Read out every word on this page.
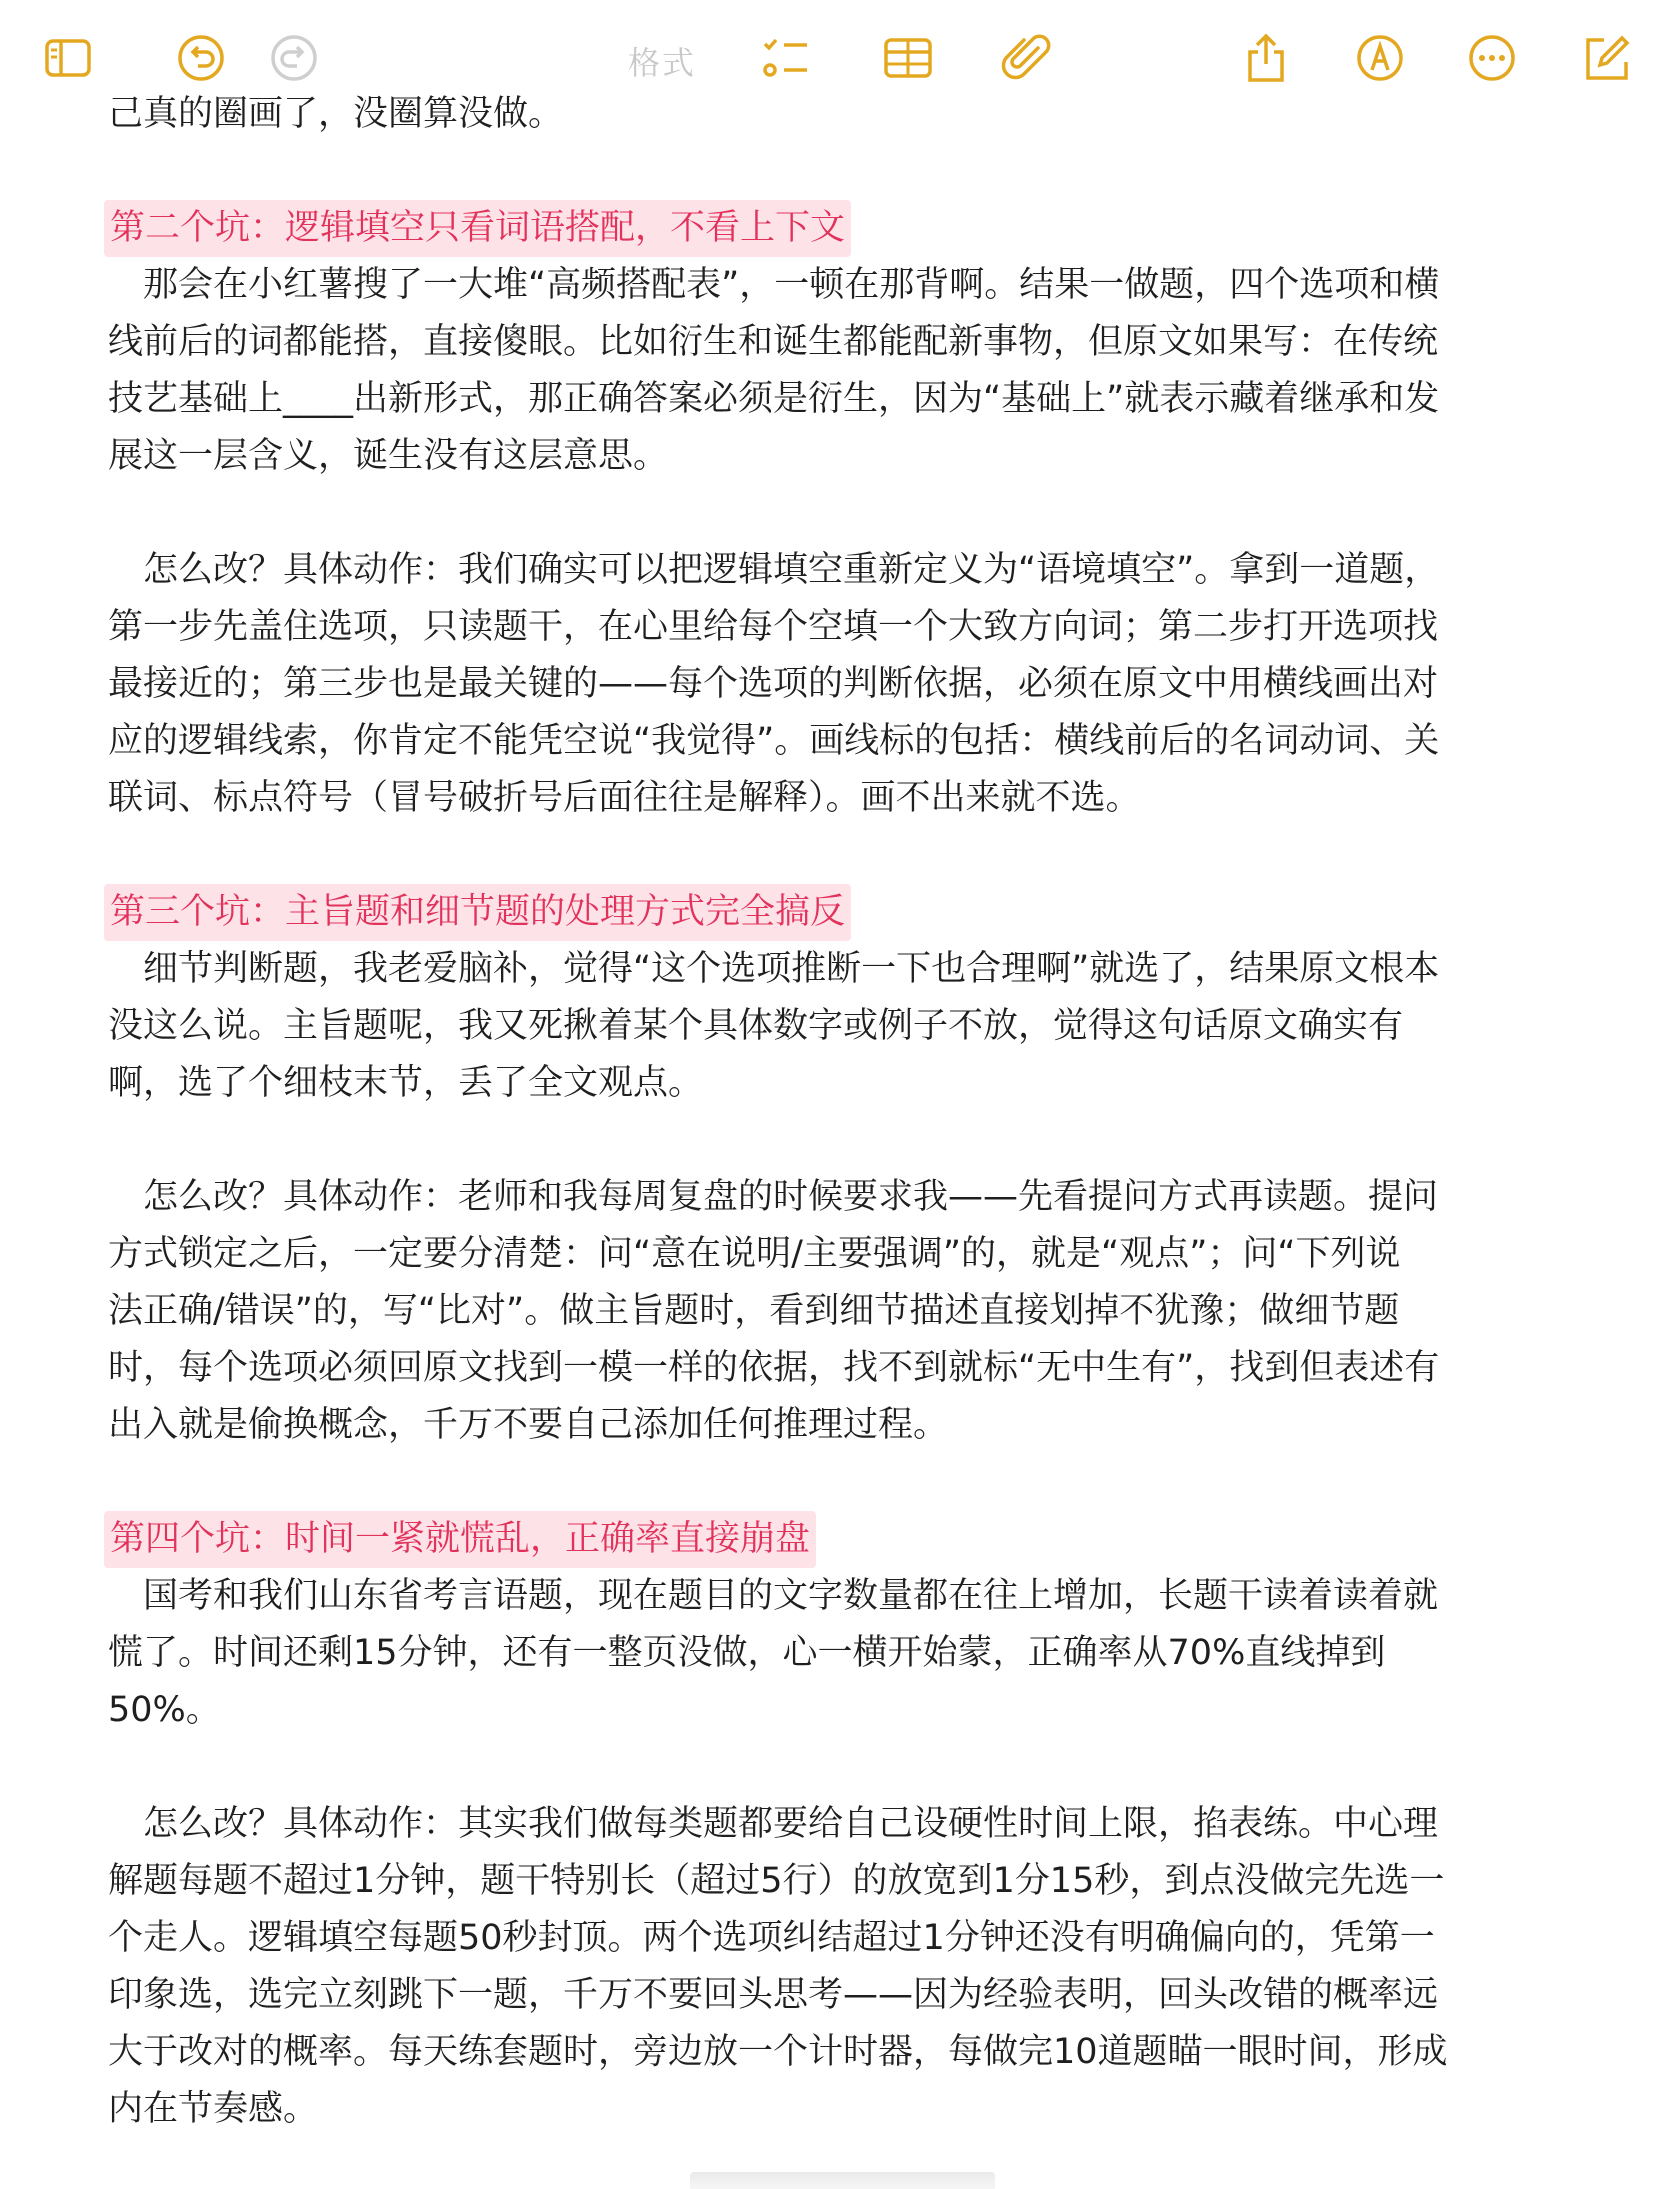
格式
己真的圈画了，没圈算没做。
第二个坑：逻辑填空只看词语搭配，不看上下文
　那会在小红薯搜了一大堆“高频搭配表”，一顿在那背啊。结果一做题，四个选项和横
线前后的词都能搭，直接傻眼。比如衍生和诞生都能配新事物，但原文如果写：在传统
技艺基础上____出新形式，那正确答案必须是衍生，因为“基础上”就表示藏着继承和发
展这一层含义，诞生没有这层意思。
　怎么改？具体动作：我们确实可以把逻辑填空重新定义为“语境填空”。拿到一道题，
第一步先盖住选项，只读题干，在心里给每个空填一个大致方向词；第二步打开选项找
最接近的；第三步也是最关键的——每个选项的判断依据，必须在原文中用横线画出对
应的逻辑线索，你肯定不能凭空说“我觉得”。画线标的包括：横线前后的名词动词、关
联词、标点符号（冒号破折号后面往往是解释）。画不出来就不选。
第三个坑：主旨题和细节题的处理方式完全搞反
　细节判断题，我老爱脑补，觉得“这个选项推断一下也合理啊”就选了，结果原文根本
没这么说。主旨题呢，我又死揪着某个具体数字或例子不放，觉得这句话原文确实有
啊，选了个细枝末节，丢了全文观点。
　怎么改？具体动作：老师和我每周复盘的时候要求我——先看提问方式再读题。提问
方式锁定之后，一定要分清楚：问“意在说明/主要强调”的，就是“观点”；问“下列说
法正确/错误”的，写“比对”。做主旨题时，看到细节描述直接划掉不犹豫；做细节题
时，每个选项必须回原文找到一模一样的依据，找不到就标“无中生有”，找到但表述有
出入就是偷换概念，千万不要自己添加任何推理过程。
第四个坑：时间一紧就慌乱，正确率直接崩盘
　国考和我们山东省考言语题，现在题目的文字数量都在往上增加，长题干读着读着就
慌了。时间还剩15分钟，还有一整页没做，心一横开始蒙，正确率从70%直线掉到
50%。
　怎么改？具体动作：其实我们做每类题都要给自己设硬性时间上限，掐表练。中心理
解题每题不超过1分钟，题干特别长（超过5行）的放宽到1分15秒，到点没做完先选一
个走人。逻辑填空每题50秒封顶。两个选项纠结超过1分钟还没有明确偏向的，凭第一
印象选，选完立刻跳下一题，千万不要回头思考——因为经验表明，回头改错的概率远
大于改对的概率。每天练套题时，旁边放一个计时器，每做完10道题瞄一眼时间，形成
内在节奏感。
